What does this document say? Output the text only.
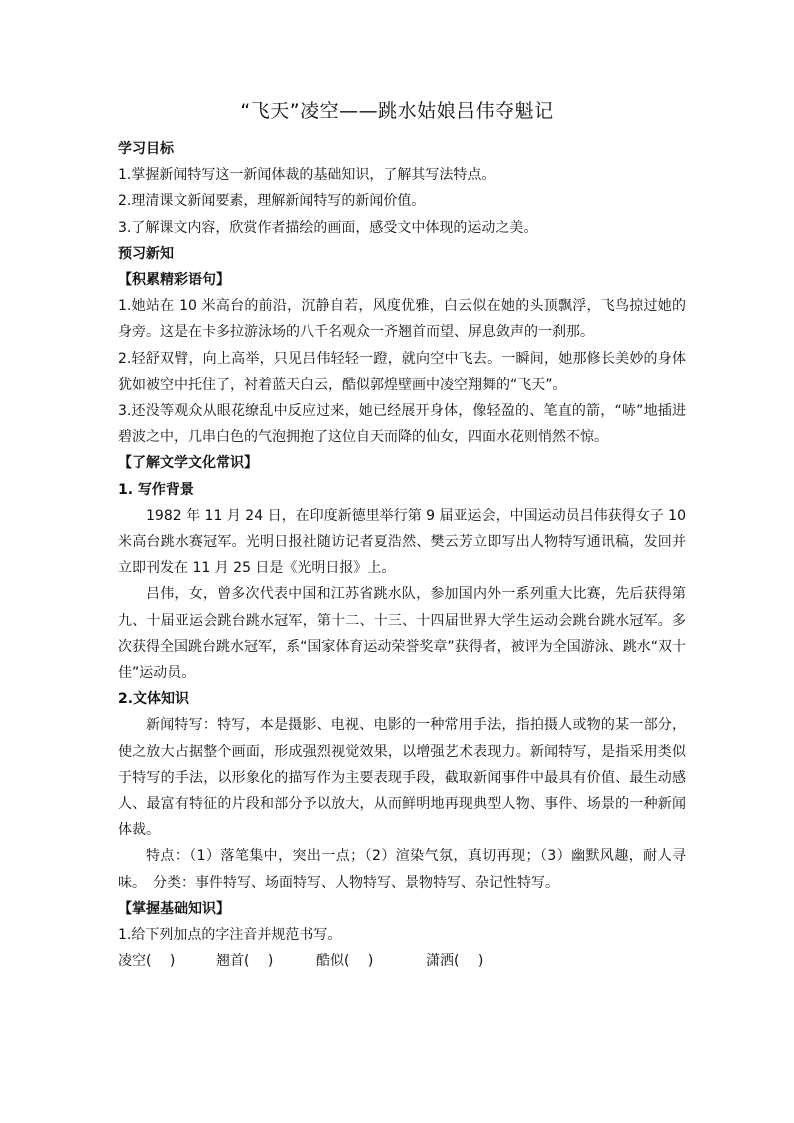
“飞天”凌空——跳水姑娘吕伟夺魁记

学习目标

1.掌握新闻特写这一新闻体裁的基础知识，了解其写法特点。

2.理清课文新闻要素，理解新闻特写的新闻价值。

3.了解课文内容，欣赏作者描绘的画面，感受文中体现的运动之美。

预习新知

【积累精彩语句】

1.她站在 10 米高台的前沿，沉静自若，风度优雅，白云似在她的头顶飘浮，飞鸟掠过她的身旁。这是在卡多拉游泳场的八千名观众一齐翘首而望、屏息敛声的一刹那。

2.轻舒双臂，向上高举，只见吕伟轻轻一蹬，就向空中飞去。一瞬间，她那修长美妙的身体犹如被空中托住了，衬着蓝天白云，酷似郭煌壁画中凌空翔舞的“飞天”。

3.还没等观众从眼花缭乱中反应过来，她已经展开身体，像轻盈的、笔直的箭，“哧”地插进碧波之中，几串白色的气泡拥抱了这位自天而降的仙女，四面水花则悄然不惊。

【了解文学文化常识】

1. 写作背景

1982 年 11 月 24 日，在印度新德里举行第 9 届亚运会，中国运动员吕伟获得女子 10 米高台跳水赛冠军。光明日报社随访记者夏浩然、樊云芳立即写出人物特写通讯稿，发回并立即刊发在 11 月 25 日是《光明日报》上。

吕伟，女，曾多次代表中国和江苏省跳水队，参加国内外一系列重大比赛，先后获得第九、十届亚运会跳台跳水冠军，第十二、十三、十四届世界大学生运动会跳台跳水冠军。多次获得全国跳台跳水冠军，系“国家体育运动荣誉奖章”获得者，被评为全国游泳、跳水“双十佳”运动员。

2.文体知识

新闻特写：特写，本是摄影、电视、电影的一种常用手法，指拍摄人或物的某一部分，使之放大占据整个画面，形成强烈视觉效果，以增强艺术表现力。新闻特写，是指采用类似于特写的手法，以形象化的描写作为主要表现手段，截取新闻事件中最具有价值、最生动感人、最富有特征的片段和部分予以放大，从而鲜明地再现典型人物、事件、场景的一种新闻体裁。

特点：（1）落笔集中，突出一点；（2）渲染气氛，真切再现；（3）幽默风趣，耐人寻味。　分类：事件特写、场面特写、人物特写、景物特写、杂记性特写。

【掌握基础知识】

1.给下列加点的字注音并规范书写。

凌空(　 )	翘首(　 )	酷似(　 )	潇洒(　 )
